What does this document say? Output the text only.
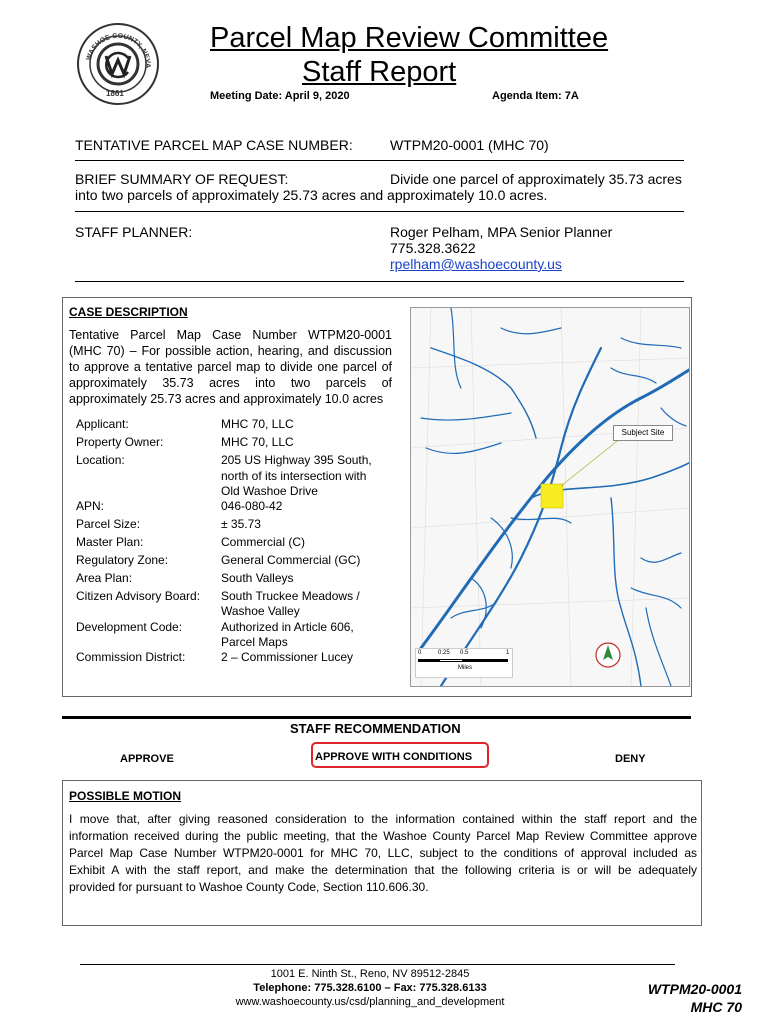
WASHOE COUNTY, NEVA
1861
Parcel Map Review Committee
Staff Report
Meeting Date: April 9, 2020	Agenda Item: 7A
TENTATIVE PARCEL MAP CASE NUMBER:	WTPM20-0001 (MHC 70)
BRIEF SUMMARY OF REQUEST:	Divide one parcel of approximately 35.73 acres
into two parcels of approximately 25.73 acres and approximately 10.0 acres.
STAFF PLANNER:	Roger Pelham, MPA Senior Planner
775.328.3622
rpelham@washoecounty.us
CASE DESCRIPTION
Tentative Parcel Map Case Number WTPM20-0001
(MHC 70) – For possible action, hearing, and discussion
to approve a tentative parcel map to divide one parcel of
approximately 35.73 acres into two parcels of
approximately 25.73 acres and approximately 10.0 acres
Applicant:	MHC 70, LLC
Property Owner:	MHC 70, LLC
Location:	205 US Highway 395 South,
north of its intersection with
Old Washoe Drive
APN:	046-080-42
Parcel Size:	± 35.73
Master Plan:	Commercial (C)
Regulatory Zone:	General Commercial (GC)
Area Plan:	South Valleys
Citizen Advisory Board: South Truckee Meadows /
Washoe Valley
Development Code:	Authorized in Article 606,
Parcel Maps
Commission District:	2 – Commissioner Lucey
Subject Site
0	0.25 0.5	1
Miles
STAFF RECOMMENDATION
APPROVE	APPROVE WITH CONDITIONS	DENY
POSSIBLE MOTION
I move that, after giving reasoned consideration to the information contained within the staff report and the
information received during the public meeting, that the Washoe County Parcel Map Review Committee approve
Parcel Map Case Number WTPM20-0001 for MHC 70, LLC, subject to the conditions of approval included as
Exhibit A with the staff report, and make the determination that the following criteria is or will be adequately
provided for pursuant to Washoe County Code, Section 110.606.30.
1001 E. Ninth St., Reno, NV 89512-2845
Telephone: 775.328.6100 – Fax: 775.328.6133
www.washoecounty.us/csd/planning_and_development
WTPM20-0001
MHC 70
